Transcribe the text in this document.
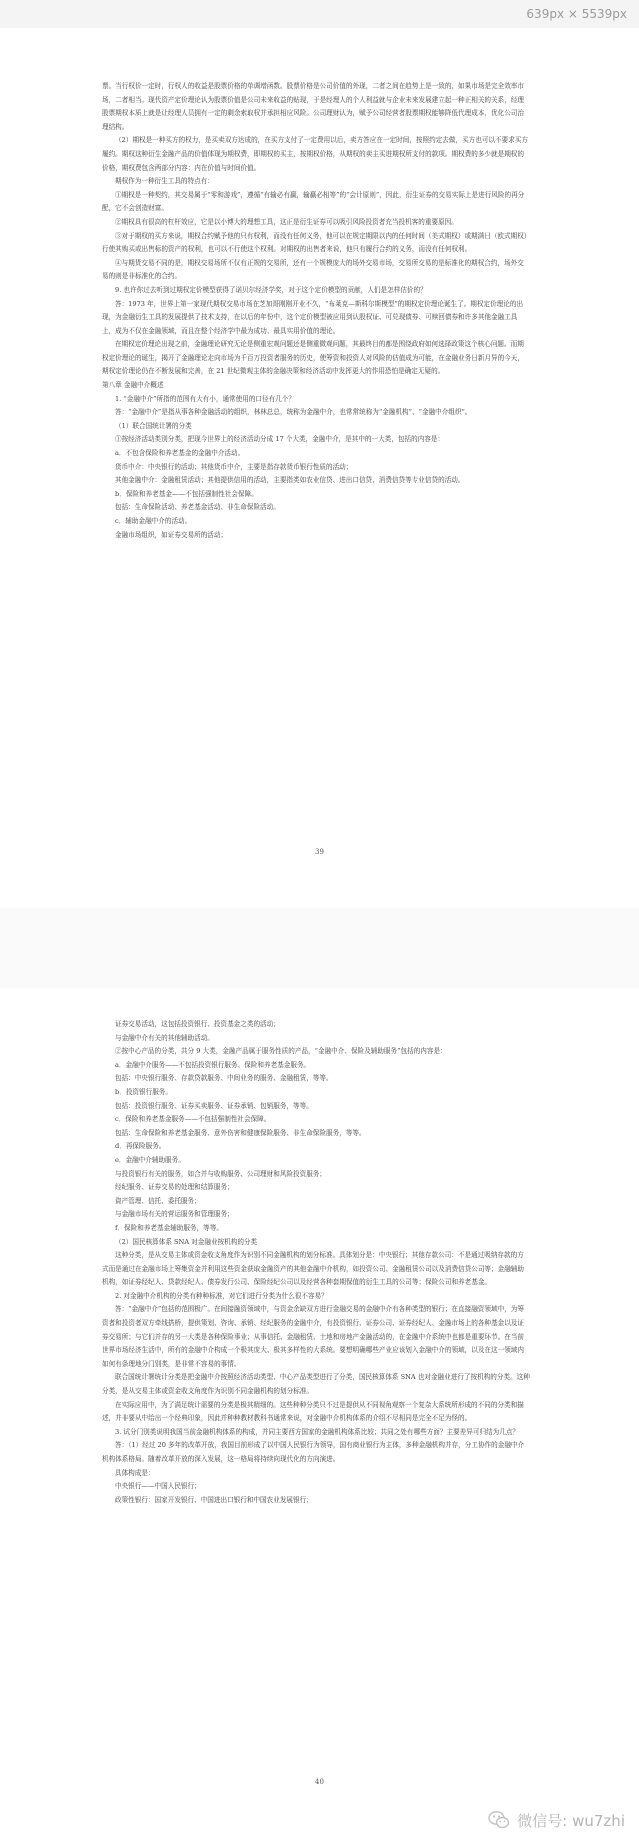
639px × 5539px

票。当行权价一定时，行权人的收益是股票价格的单调增函数。股票价格是公司价值的外现，二者之间在趋势上是一致的，如果市场是完全效率市场，二者相当。现代资产定价理论认为股票价值是公司未来收益的贴现，于是经理人的个人利益就与企业未来发展建立起一种正相关的关系，经理股票期权本质上就是让经理人员拥有一定的剩余索取权并承担相应风险。公司理财认为，赋予公司经营者股票期权能够降低代理成本，优化公司治理结构。

（2）期权是一种买方的权力，是买卖双方达成的，在买方支付了一定费用以后，卖方答应在一定时间，按照约定去做，买方也可以不要求买方履约。期权这种衍生金融产品的价值体现为期权费，即期权的买主，按期权价格，从期权的卖主买进期权所支付的款项。期权费的多少就是期权的价格，期权费包含两部分内容：内在价值与时间价值。

期权作为一种衍生工具的特点有：

①期权是一种契约，其交易属于“零和游戏”，遵循“有输必有赢，输赢必相等”的“会计原则”，因此，衍生证券的交易实际上是进行风险的再分配，它不会创造财富。

②期权具有很高的杠杆效应，它是以小博大的理想工具，这正是衍生证券可以吸引风险投资者充当投机客的重要原因。

③对于期权的买方来说，期权合约赋予他的只有权利，而没有任何义务，他可以在规定期限以内的任何时间（美式期权）或期满日（欧式期权）行使其购买或出售标的资产的权利，也可以不行使这个权利。对期权的出售者来说，他只有履行合约的义务，而没有任何权利。

④与期货交易不同的是，期权交易场所不仅有正规的交易所，还有一个规模庞大的场外交易市场，交易所交易的是标准化的期权合约，场外交易的则是非标准化的合约。

9. 也许你过去听到过期权定价模型获得了诺贝尔经济学奖，对于这个定价模型的贡献，人们是怎样估价的？

答：1973 年，世界上第一家现代期权交易市场在芝加哥刚刚开业不久，“布莱克—斯科尔斯模型”的期权定价理论诞生了。期权定价理论的出现，为金融衍生工具的发展提供了技术支持，在以后的年份中，这个定价模型被应用到认股权证、可兑现债券、可赎回债券和许多其他金融工具上，成为不仅在金融领域，而且在整个经济学中最为成功、最具实用价值的理论。

在期权定价理论出现之前，金融理论研究无论是侧重宏观问题还是侧重微观问题，其最终目的都是围绕政府如何选择政策这个核心问题。而期权定价理论的诞生，揭开了金融理论走向市场为千百万投资者服务的历史，使筹资和投资人对风险的估值成为可能，在金融业务日新月异的今天，期权定价理论仍在不断发展和完善，在 21 世纪微观主体的金融决策和经济活动中发挥更大的作用恐怕是确定无疑的。

第八章 金融中介概述

1. “金融中介”所指的范围有大有小，通常使用的口径有几个？

答：“金融中介”是指从事各种金融活动的组织，林林总总，统称为金融中介，也常常统称为“金融机构”、“金融中介组织”。

（1）联合国统计署的分类

①按经济活动类别分类，把现今世界上的经济活动分成 17 个大类，金融中介，是其中的一大类，包括的内容是：

a．不包含保险和养老基金的金融中介活动。

货币中介：中央银行的活动；其他货币中介，主要是指存款货币银行性质的活动；

其他金融中介：金融租赁活动；其他提供信用的活动，主要指类如农业信贷、进出口信贷、消费信贷等专业信贷的活动。

b．保险和养老基金——不包括强制性社会保障。

包括：生命保险活动、养老基金活动、非生命保险活动。

c．辅助金融中介的活动。

金融市场组织，如证券交易所的活动；

39

证券交易活动，这包括投资银行、投资基金之类的活动；

与金融中介有关的其他辅助活动。

②按中心产品的分类，共分 9 大类，金融产品属于服务性质的产品，“金融中介、保险及辅助服务”包括的内容是：

a．金融中介服务——不包括投资银行服务、保险和养老基金服务。

包括：中央银行服务、存款贷款服务、中间业务的服务、金融租赁，等等。

b．投资银行服务。

包括：投资银行服务、证券买卖服务、证券承销、包销服务，等等。

c．保险和养老基金服务——不包括强制性社会保障。

包括：生命保险和养老基金服务、意外伤害和健康保险服务、非生命保险服务，等等。

d．再保险服务。

e．金融中介辅助服务。

与投资银行有关的服务，如合并与收购服务、公司理财和风险投资服务；

经纪服务、证券交易的处理和结算服务；

資产管理、信托、委托服务；

与金融市场有关的营运服务和管理服务；

f．保险和养老基金辅助服务，等等。

（2）国民核算体系 SNA 对金融业按机构的分类

这种分类，是从交易主体或资金收支角度作为识别不同金融机构的划分标准。具体划分是：中央银行；其他存款公司：不是通过吸纳存款的方式而是通过在金融市场上筹集资金并利用这些资金获取金融资产的其他金融中介机构，如投资公司、金融租赁公司以及消费信贷公司等；金融辅助机构，如证券经纪人、贷款经纪人、债券发行公司、保险经纪公司以及经营各种套期保值的衍生工具的公司等；保险公司和养老基金。

2. 对金融中介机构的分类有种种标准，对它们进行分类为什么很不容易？

答：“金融中介”包括的范围极广。在间接融资领域中，与资金余缺双方进行金融交易的金融中介有各种类型的银行；在直接融资领域中，为筹资者和投资者双方牵线搭桥，提供策划、咨询、承销、经纪服务的金融中介，有投资银行、证券公司、证券经纪人、金融市场上的各种基金以及证券交易所；与它们并存的另一大类是各种保险事业；从事信托、金融租赁、土地和房地产金融活动的，在金融中介系统中也都是重要环节。在当前世界市场经济生活中，所有的金融中介构成一个极其庞大、极其多样性的大系统。要想明确哪些产业应该划入金融中介的领域，以及在这一领域内如何有条理地分门别类，是非常不容易的事情。

联合国统计署统计分类是把金融中介按照经济活动类型、中心产品类型进行了分类，国民核算体系 SNA 也对金融业进行了按机构的分类。这种分类，是从交易主体或资金收支角度作为识别不同金融机构的划分标准。

在实际应用中，为了满足统计需要的分类是极其精细的。这些种种分类只不过是提供从不同视角观察一个复杂大系统所形成的不同的分类和描述，并非要从中给出一个经典印象，因此并种种教材教科书通常来说，对金融中介机构体系的介绍不尽相同是完全不足为怪的。

3. 试分门别类说明我国当前金融机构体系的构成，并同主要西方国家的金融机构体系比较；共同之处有哪些方面？主要差异可归结为几点？

答：（1）经过 20 多年的改革开放，我国目前形成了以中国人民银行为领导，国有商业银行为主体，多种金融机构并存，分工协作的金融中介机构体系格局。随着改革开放的深入发展，这一格局将持续向现代化的方向演进。

具体构成是：

中央银行——中国人民银行；

政策性银行：国家开发银行、中国进出口银行和中国农业发展银行；

40
微信号: wu7zhi
